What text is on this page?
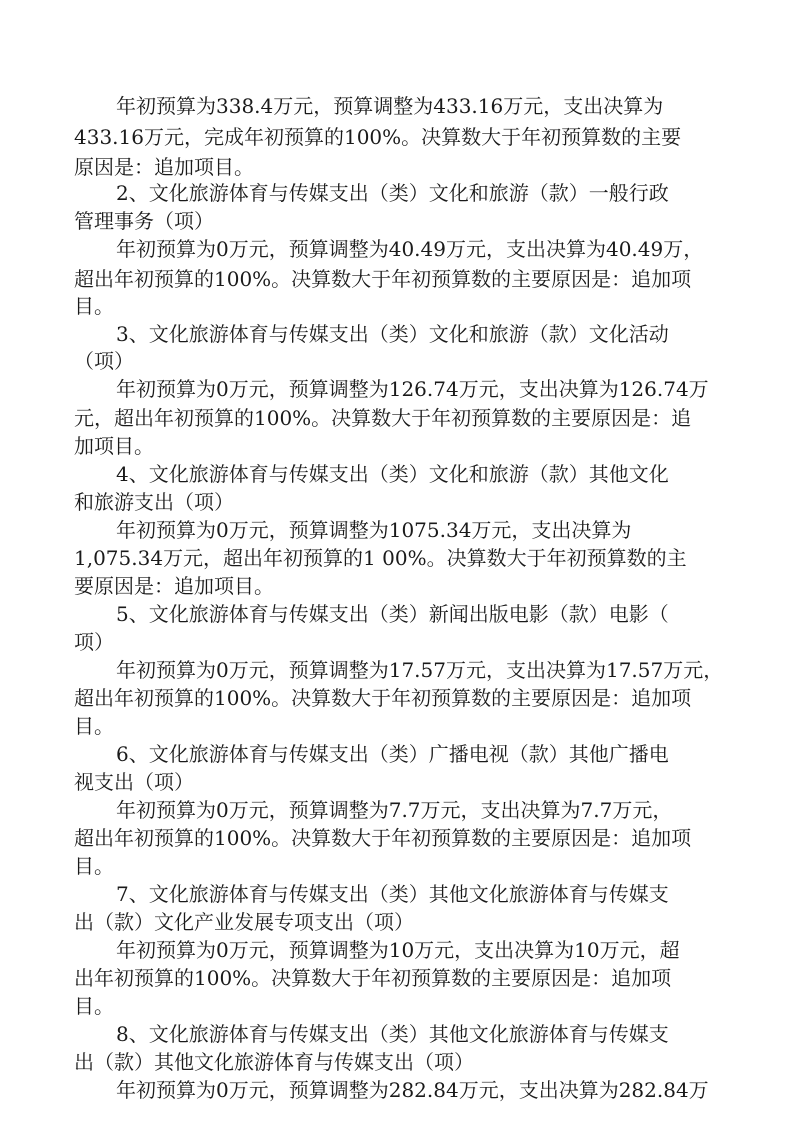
年初预算为338.4万元，预算调整为433.16万元，支出决算为
433.16万元，完成年初预算的100%。决算数大于年初预算数的主要
原因是：追加项目。
2、文化旅游体育与传媒支出（类）文化和旅游（款）一般行政
管理事务（项）
年初预算为0万元，预算调整为40.49万元，支出决算为40.49万，
超出年初预算的100%。决算数大于年初预算数的主要原因是：追加项
目。
3、文化旅游体育与传媒支出（类）文化和旅游（款）文化活动
（项）
年初预算为0万元，预算调整为126.74万元，支出决算为126.74万
元，超出年初预算的100%。决算数大于年初预算数的主要原因是：追
加项目。
4、文化旅游体育与传媒支出（类）文化和旅游（款）其他文化
和旅游支出（项）
年初预算为0万元，预算调整为1075.34万元，支出决算为
1,075.34万元，超出年初预算的1 00%。决算数大于年初预算数的主
要原因是：追加项目。
5、文化旅游体育与传媒支出（类）新闻出版电影（款）电影（
项）
年初预算为0万元，预算调整为17.57万元，支出决算为17.57万元，
超出年初预算的100%。决算数大于年初预算数的主要原因是：追加项
目。
6、文化旅游体育与传媒支出（类）广播电视（款）其他广播电
视支出（项）
年初预算为0万元，预算调整为7.7万元，支出决算为7.7万元，
超出年初预算的100%。决算数大于年初预算数的主要原因是：追加项
目。
7、文化旅游体育与传媒支出（类）其他文化旅游体育与传媒支
出（款）文化产业发展专项支出（项）
年初预算为0万元，预算调整为10万元，支出决算为10万元，超
出年初预算的100%。决算数大于年初预算数的主要原因是：追加项
目。
8、文化旅游体育与传媒支出（类）其他文化旅游体育与传媒支
出（款）其他文化旅游体育与传媒支出（项）
年初预算为0万元，预算调整为282.84万元，支出决算为282.84万
